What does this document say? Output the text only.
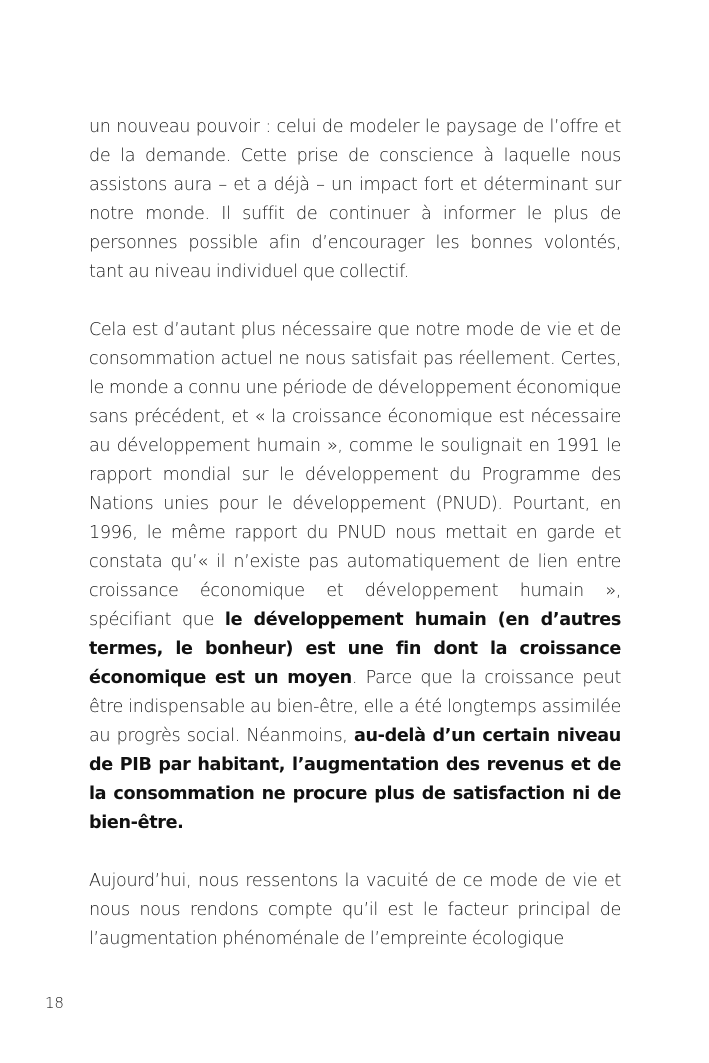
un nouveau pouvoir : celui de modeler le paysage de l’offre et de la demande. Cette prise de conscience à laquelle nous assistons aura – et a déjà – un impact fort et déterminant sur notre monde. Il suffit de continuer à informer le plus de personnes possible afin d’encourager les bonnes volontés, tant au niveau individuel que collectif.

Cela est d’autant plus nécessaire que notre mode de vie et de consommation actuel ne nous satisfait pas réellement. Certes, le monde a connu une période de développement économique sans précédent, et « la croissance économique est nécessaire au développement humain », comme le soulignait en 1991 le rapport mondial sur le développement du Programme des Nations unies pour le développement (PNUD). Pourtant, en 1996, le même rapport du PNUD nous mettait en garde et constata qu’« il n’existe pas automatiquement de lien entre croissance économique et développement humain », spécifiant que le développement humain (en d’autres termes, le bonheur) est une fin dont la croissance économique est un moyen. Parce que la croissance peut être indispensable au bien-être, elle a été longtemps assimilée au progrès social. Néanmoins, au-delà d’un certain niveau de PIB par habitant, l’augmentation des revenus et de la consommation ne procure plus de satisfaction ni de bien-être.

Aujourd’hui, nous ressentons la vacuité de ce mode de vie et nous nous rendons compte qu’il est le facteur principal de l’augmentation phénoménale de l’empreinte écologique

18
